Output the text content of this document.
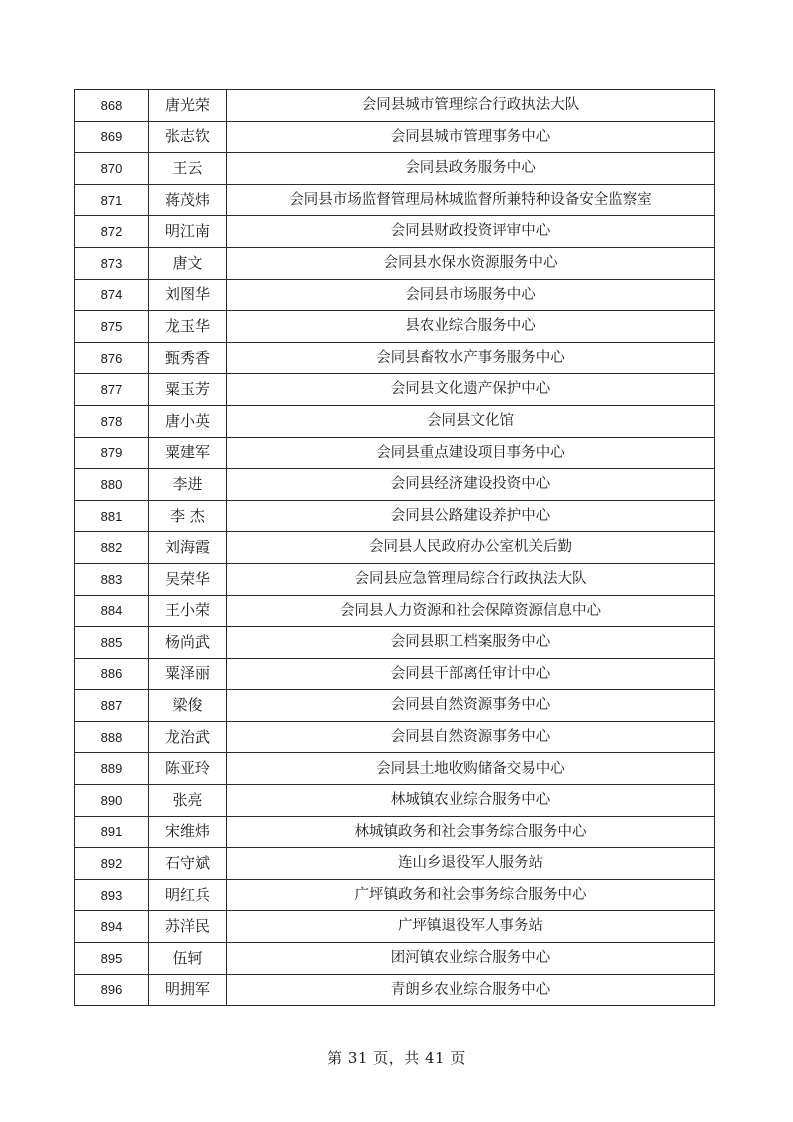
868	唐光荣	会同县城市管理综合行政执法大队
869	张志钦	会同县城市管理事务中心
870	王云	会同县政务服务中心
871	蒋茂炜	会同县市场监督管理局林城监督所兼特种设备安全监察室
872	明江南	会同县财政投资评审中心
873	唐文	会同县水保水资源服务中心
874	刘图华	会同县市场服务中心
875	龙玉华	县农业综合服务中心
876	甄秀香	会同县畜牧水产事务服务中心
877	粟玉芳	会同县文化遗产保护中心
878	唐小英	会同县文化馆
879	粟建军	会同县重点建设项目事务中心
880	李进	会同县经济建设投资中心
881	李 杰	会同县公路建设养护中心
882	刘海霞	会同县人民政府办公室机关后勤
883	吴荣华	会同县应急管理局综合行政执法大队
884	王小荣	会同县人力资源和社会保障资源信息中心
885	杨尚武	会同县职工档案服务中心
886	粟泽丽	会同县干部离任审计中心
887	梁俊	会同县自然资源事务中心
888	龙治武	会同县自然资源事务中心
889	陈亚玲	会同县土地收购储备交易中心
890	张亮	林城镇农业综合服务中心
891	宋维炜	林城镇政务和社会事务综合服务中心
892	石守斌	连山乡退役军人服务站
893	明红兵	广坪镇政务和社会事务综合服务中心
894	苏洋民	广坪镇退役军人事务站
895	伍轲	团河镇农业综合服务中心
896	明拥军	青朗乡农业综合服务中心
第 31 页，共 41 页
